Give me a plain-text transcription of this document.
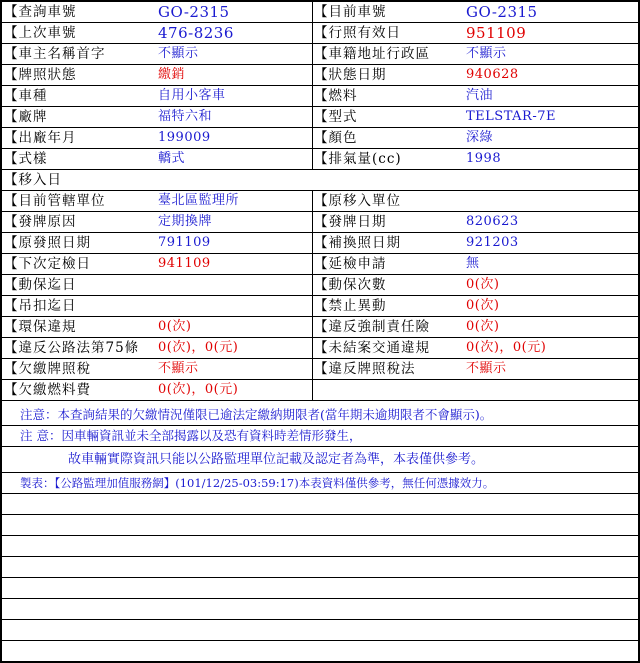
【查詢車號	GO-2315	【目前車號	GO-2315
【上次車號	476-8236	【行照有效日	951109
【車主名稱首字	不顯示	【車籍地址行政區	不顯示
【牌照狀態	繳銷	【狀態日期	940628
【車種	自用小客車	【燃料	汽油
【廠牌	福特六和	【型式	TELSTAR-7E
【出廠年月	199009	【顏色	深綠
【式樣	轎式	【排氣量(cc)	1998
【移入日
【目前管轄單位	臺北區監理所	【原移入單位
【發牌原因	定期換牌	【發牌日期	820623
【原發照日期	791109	【補換照日期	921203
【下次定檢日	941109	【延檢申請	無
【動保迄日	【動保次數	0(次)
【吊扣迄日	【禁止異動	0(次)
【環保違規	0(次)	【違反強制責任險	0(次)
【違反公路法第75條	0(次)，0(元)	【未結案交通違規	0(次)，0(元)
【欠繳牌照稅	不顯示	【違反牌照稅法	不顯示
【欠繳燃料費	0(次)，0(元)
注意：本查詢結果的欠繳情況僅限已逾法定繳納期限者(當年期未逾期限者不會顯示)。
注 意：因車輛資訊並未全部揭露以及恐有資料時差情形發生，
故車輛實際資訊只能以公路監理單位記載及認定者為準，本表僅供參考。
製表：【公路監理加值服務網】(101/12/25-03:59:17)本表資料僅供參考，無任何憑據效力。
